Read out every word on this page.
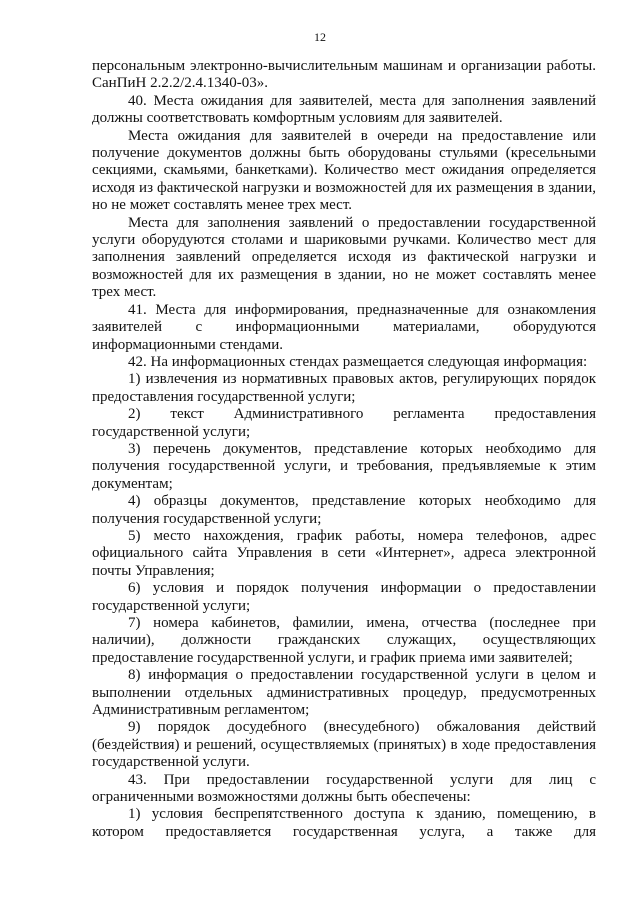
12

персональным электронно-вычислительным машинам и организации работы. СанПиН 2.2.2/2.4.1340-03».

40. Места ожидания для заявителей, места для заполнения заявлений должны соответствовать комфортным условиям для заявителей.

Места ожидания для заявителей в очереди на предоставление или получение документов должны быть оборудованы стульями (кресельными секциями, скамьями, банкетками). Количество мест ожидания определяется исходя из фактической нагрузки и возможностей для их размещения в здании, но не может составлять менее трех мест.

Места для заполнения заявлений о предоставлении государственной услуги оборудуются столами и шариковыми ручками. Количество мест для заполнения заявлений определяется исходя из фактической нагрузки и возможностей для их размещения в здании, но не может составлять менее трех мест.

41. Места для информирования, предназначенные для ознакомления заявителей с информационными материалами, оборудуются информационными стендами.

42. На информационных стендах размещается следующая информация:

1) извлечения из нормативных правовых актов, регулирующих порядок предоставления государственной услуги;

2) текст Административного регламента предоставления государственной услуги;

3) перечень документов, представление которых необходимо для получения государственной услуги, и требования, предъявляемые к этим документам;

4) образцы документов, представление которых необходимо для получения государственной услуги;

5) место нахождения, график работы, номера телефонов, адрес официального сайта Управления в сети «Интернет», адреса электронной почты Управления;

6) условия и порядок получения информации о предоставлении государственной услуги;

7) номера кабинетов, фамилии, имена, отчества (последнее при наличии), должности гражданских служащих, осуществляющих предоставление государственной услуги, и график приема ими заявителей;

8) информация о предоставлении государственной услуги в целом и выполнении отдельных административных процедур, предусмотренных Административным регламентом;

9) порядок досудебного (внесудебного) обжалования действий (бездействия) и решений, осуществляемых (принятых) в ходе предоставления государственной услуги.

43. При предоставлении государственной услуги для лиц с ограниченными возможностями должны быть обеспечены:

1) условия беспрепятственного доступа к зданию, помещению, в котором предоставляется государственная услуга, а также для
